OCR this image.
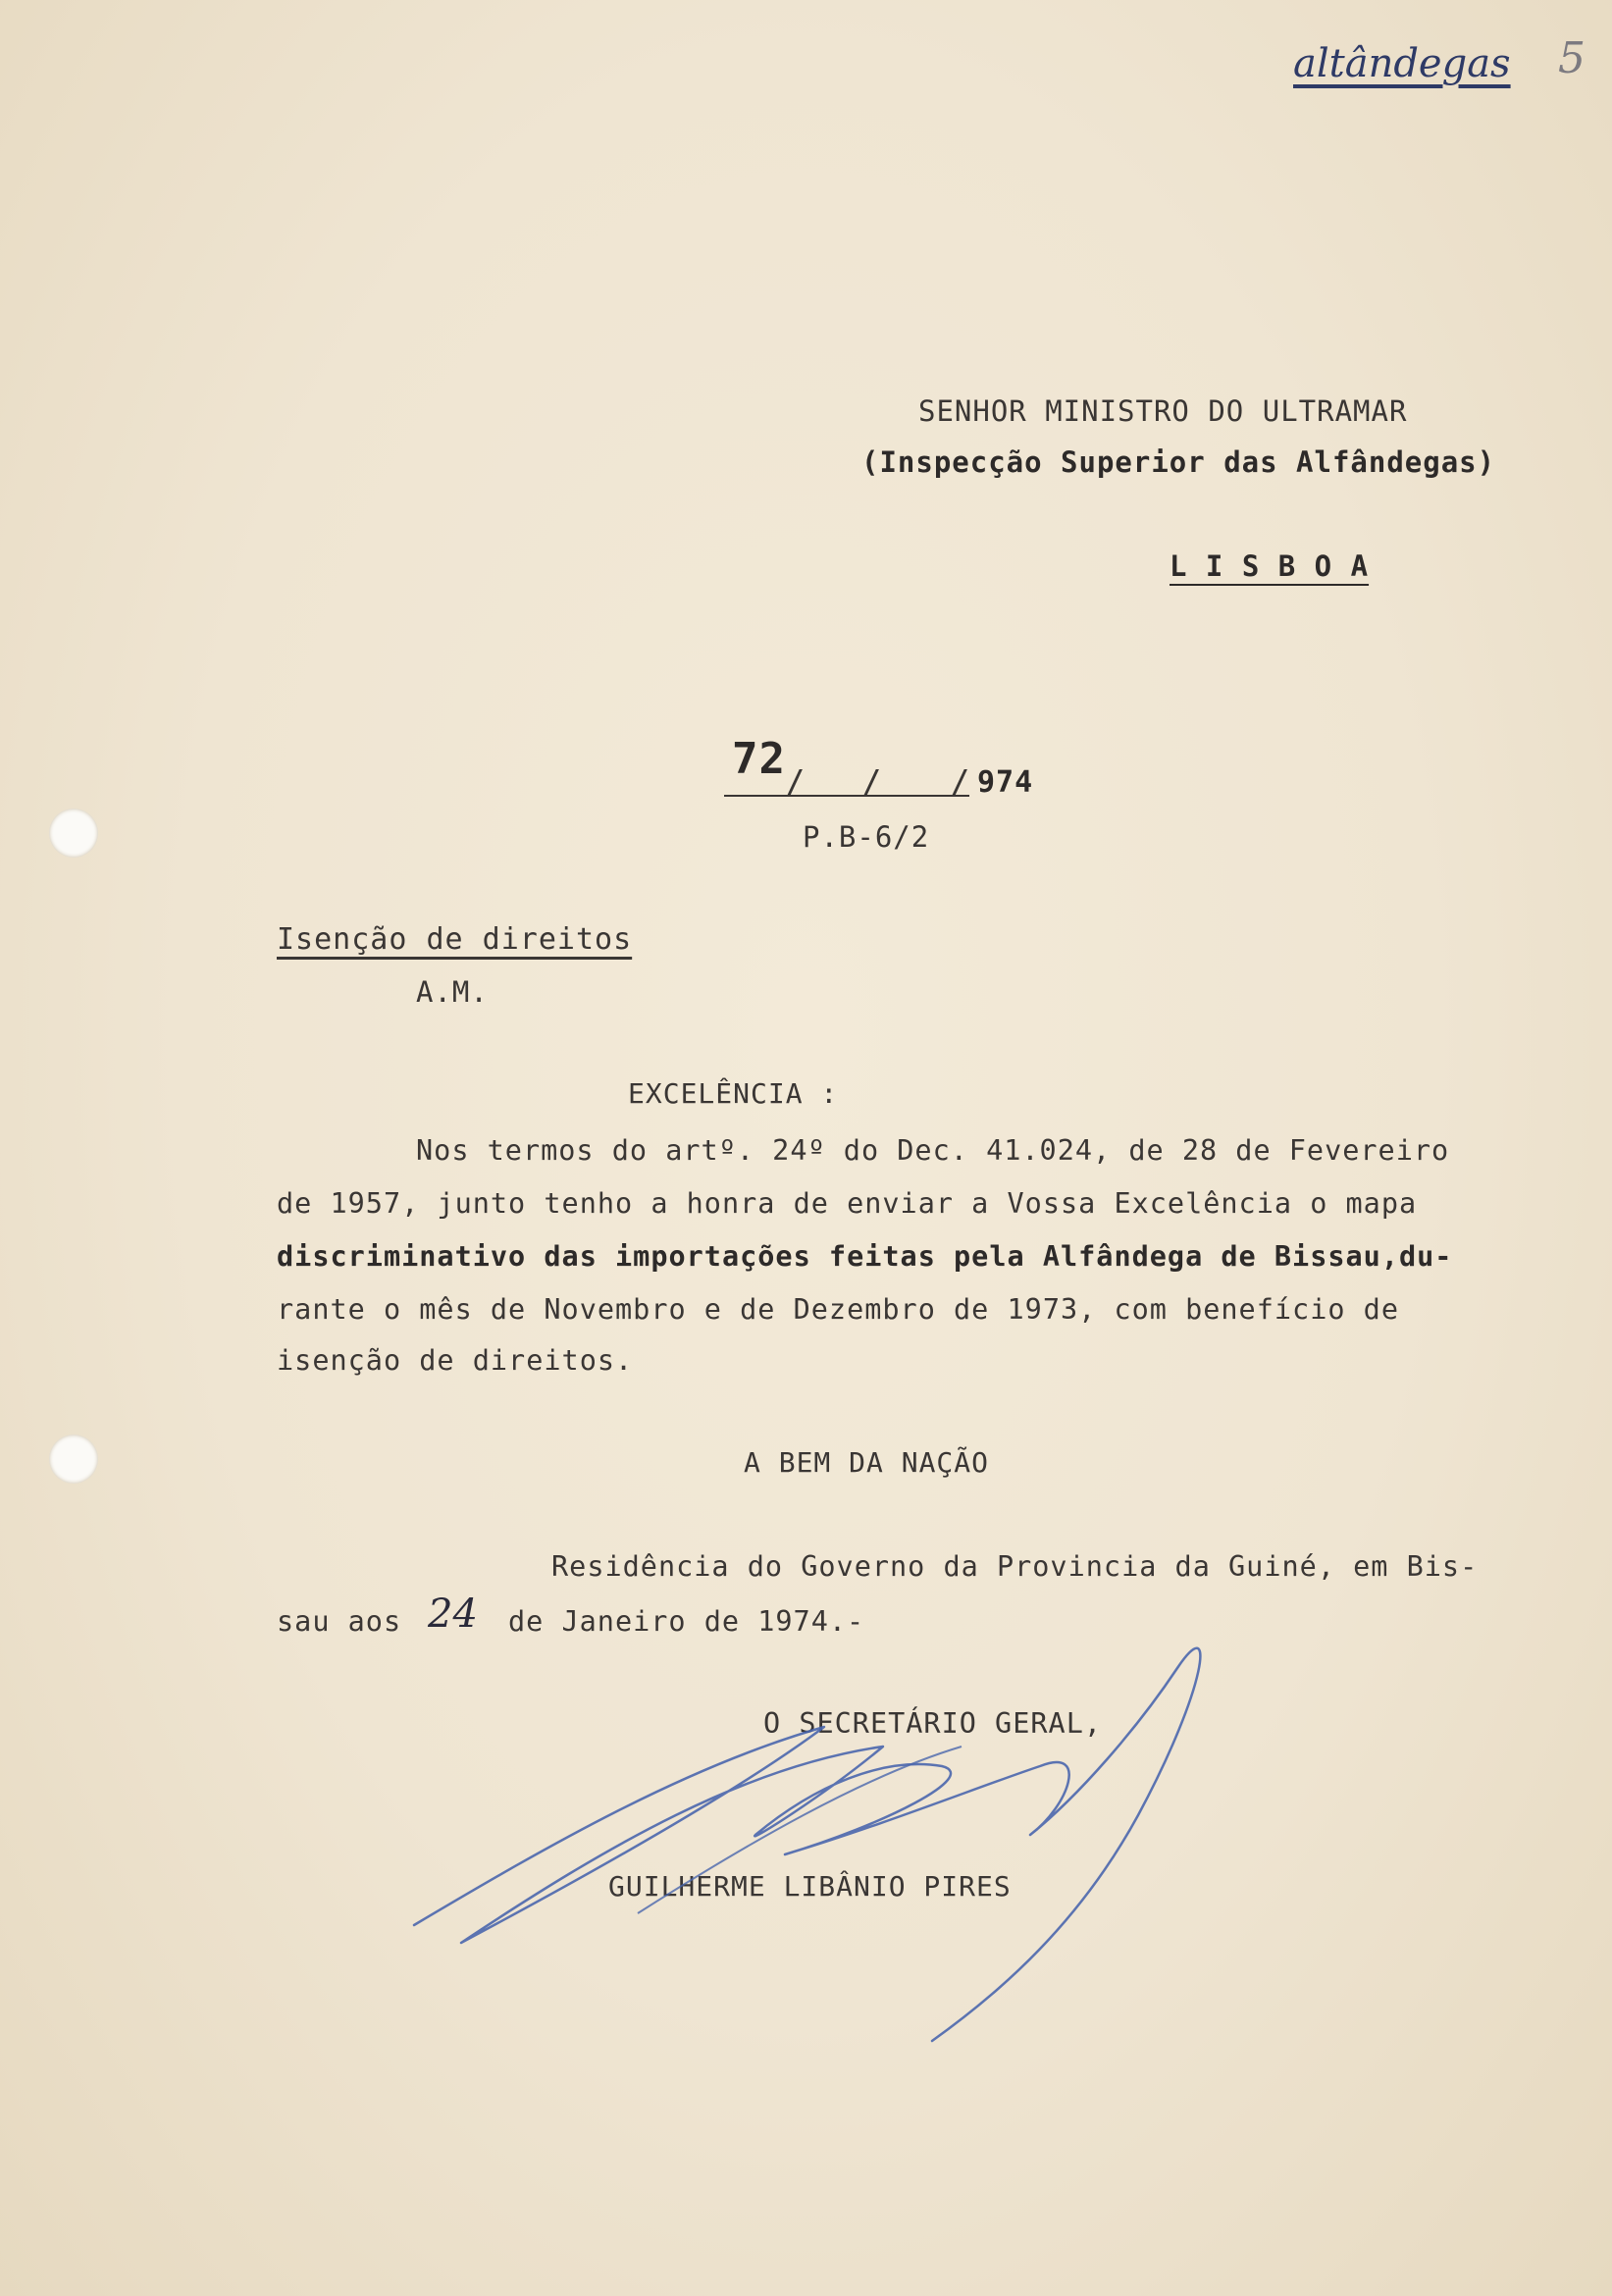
altândegas 5
SENHOR MINISTRO DO ULTRAMAR
(Inspecção Superior das Alfândegas)
L I S B O A
72 / / / 974
P.B-6/2
Isenção de direitos
A.M.
EXCELÊNCIA :
Nos termos do artº. 24º do Dec. 41.024, de 28 de Fevereiro
de 1957, junto tenho a honra de enviar a Vossa Excelência o mapa
discriminativo das importações feitas pela Alfândega de Bissau,du-
rante o mês de Novembro e de Dezembro de 1973, com benefício de
isenção de direitos.
A BEM DA NAÇÃO
Residência do Governo da Provincia da Guiné, em Bis-
sau aos 24 de Janeiro de 1974.-
O SECRETÁRIO GERAL,
GUILHERME LIBÂNIO PIRES
